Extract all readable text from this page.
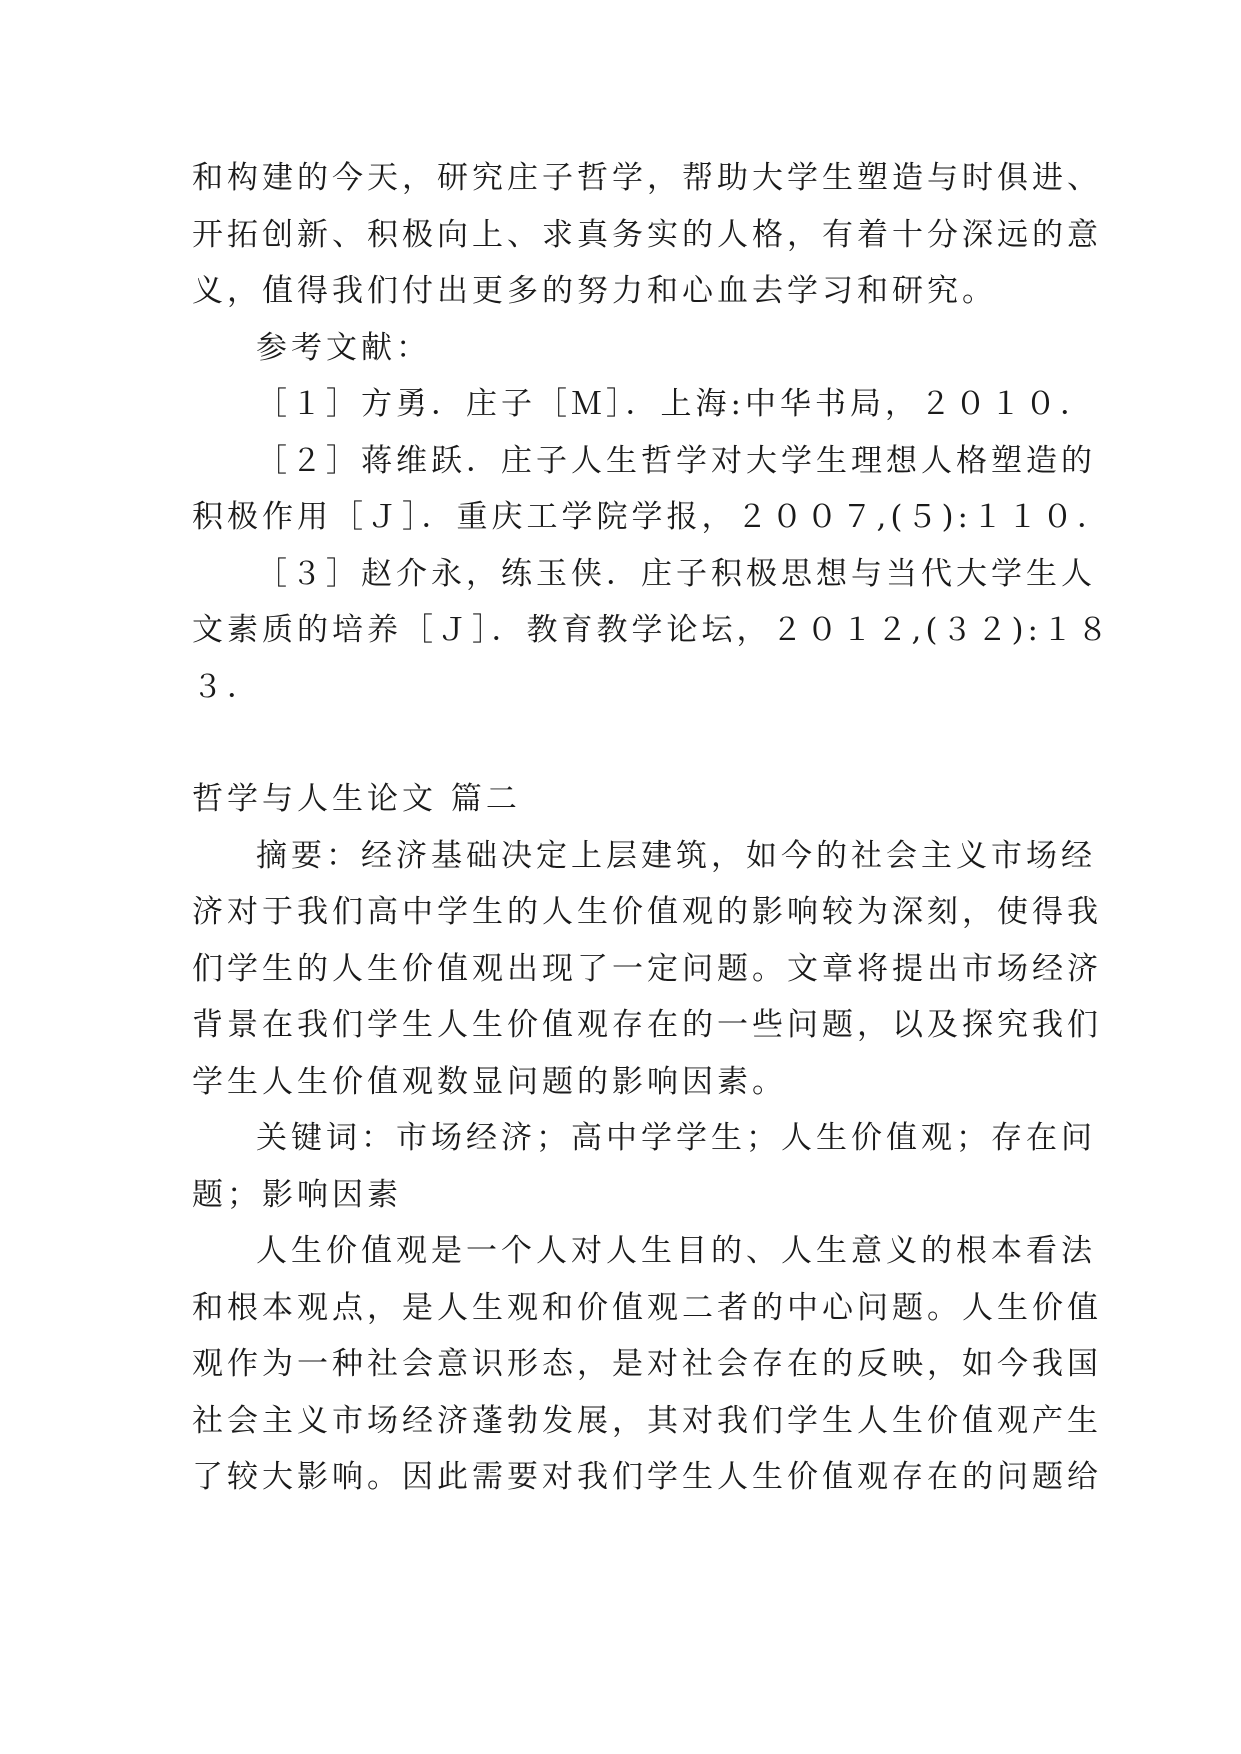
和构建的今天，研究庄子哲学，帮助大学生塑造与时俱进、
开拓创新、积极向上、求真务实的人格，有着十分深远的意
义，值得我们付出更多的努力和心血去学习和研究。
参考文献：
［１］方勇．庄子［Ｍ］．上海:中华书局，２０１０．
［２］蒋维跃．庄子人生哲学对大学生理想人格塑造的
积极作用［Ｊ］．重庆工学院学报，２００７,(５):１１０．
［３］赵介永，练玉侠．庄子积极思想与当代大学生人
文素质的培养［Ｊ］．教育教学论坛，２０１２,(３２):１８
３．
哲学与人生论文 篇二
摘要：经济基础决定上层建筑，如今的社会主义市场经
济对于我们高中学生的人生价值观的影响较为深刻，使得我
们学生的人生价值观出现了一定问题。文章将提出市场经济
背景在我们学生人生价值观存在的一些问题，以及探究我们
学生人生价值观数显问题的影响因素。
关键词：市场经济；高中学学生；人生价值观；存在问
题；影响因素
人生价值观是一个人对人生目的、人生意义的根本看法
和根本观点，是人生观和价值观二者的中心问题。人生价值
观作为一种社会意识形态，是对社会存在的反映，如今我国
社会主义市场经济蓬勃发展，其对我们学生人生价值观产生
了较大影响。因此需要对我们学生人生价值观存在的问题给
